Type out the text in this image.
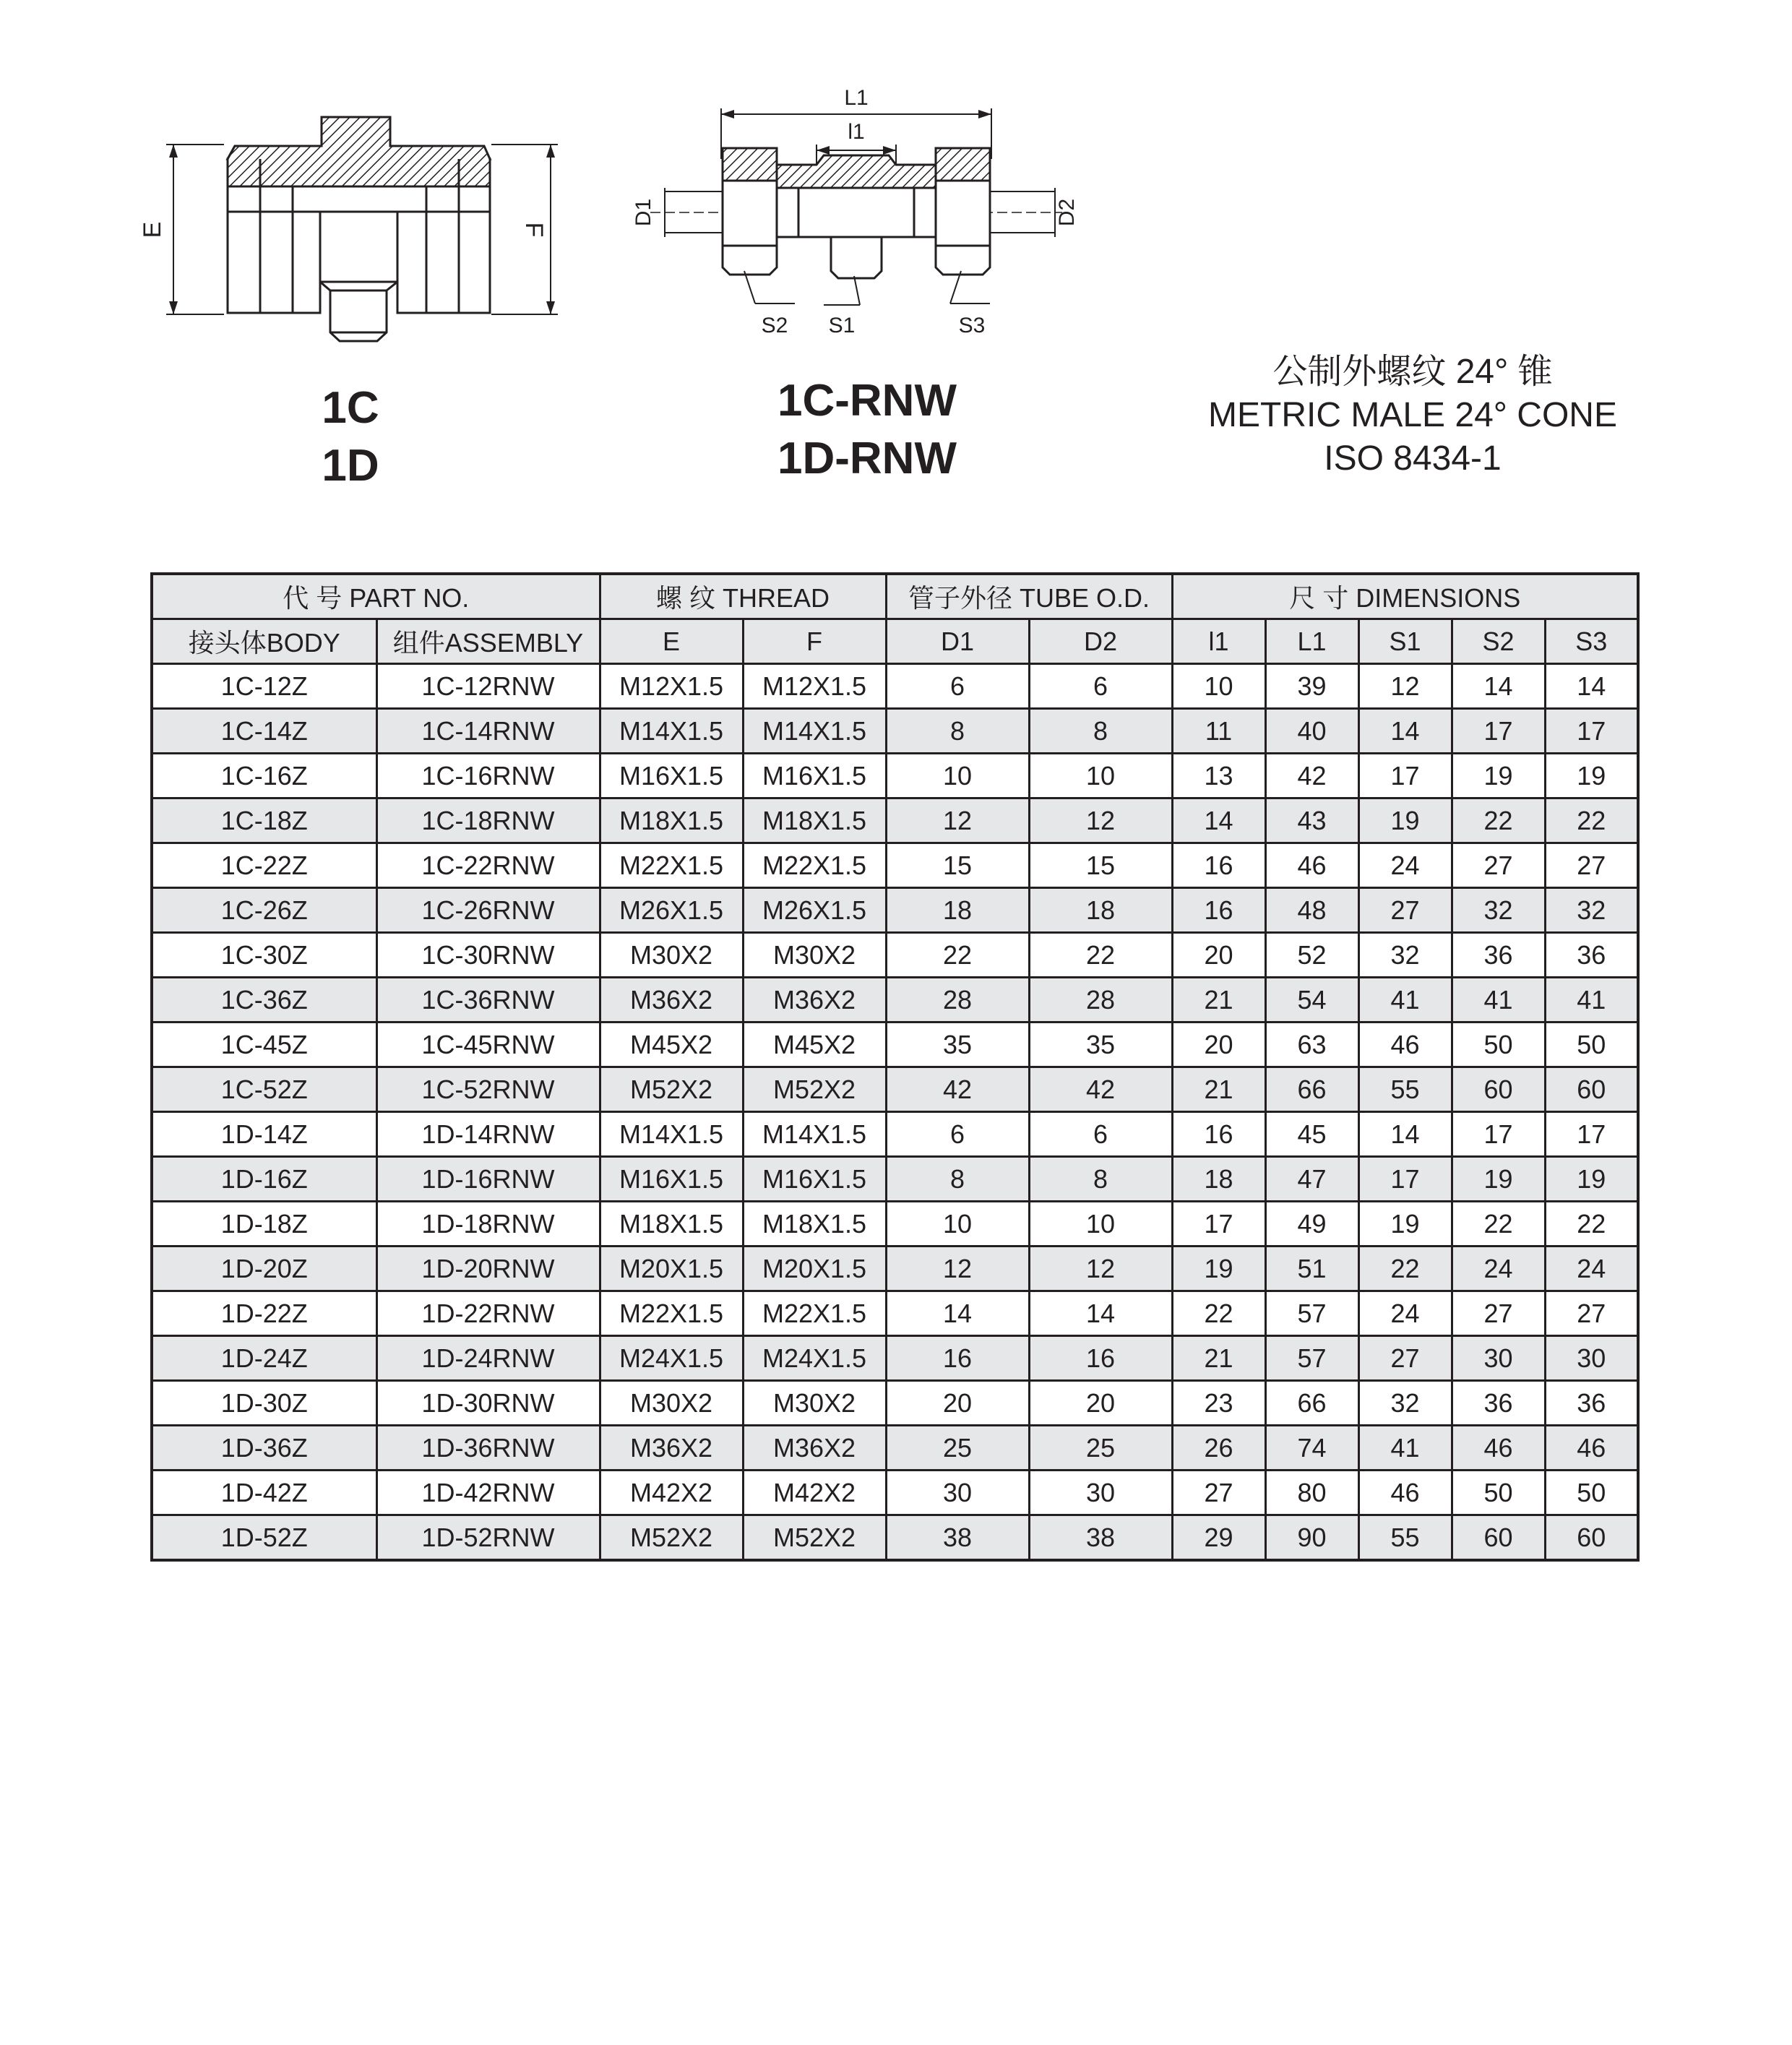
E	F
L1
l1
D1	D2
S2 S1	S3
1C
1D
1C-RNW
1D-RNW
公制外螺纹 24° 锥
METRIC MALE 24° CONE
ISO 8434-1
代 号 PART NO.		螺 纹 THREAD		管子外径 TUBE O.D.		尺 寸 DIMENSIONS				
接头体BODY	组件ASSEMBLY	E	F	D1	D2	l1	L1	S1	S2	S3
1C-12Z	1C-12RNW	M12X1.5	M12X1.5	6	6	10	39	12	14	14
1C-14Z	1C-14RNW	M14X1.5	M14X1.5	8	8	11	40	14	17	17
1C-16Z	1C-16RNW	M16X1.5	M16X1.5	10	10	13	42	17	19	19
1C-18Z	1C-18RNW	M18X1.5	M18X1.5	12	12	14	43	19	22	22
1C-22Z	1C-22RNW	M22X1.5	M22X1.5	15	15	16	46	24	27	27
1C-26Z	1C-26RNW	M26X1.5	M26X1.5	18	18	16	48	27	32	32
1C-30Z	1C-30RNW	M30X2	M30X2	22	22	20	52	32	36	36
1C-36Z	1C-36RNW	M36X2	M36X2	28	28	21	54	41	41	41
1C-45Z	1C-45RNW	M45X2	M45X2	35	35	20	63	46	50	50
1C-52Z	1C-52RNW	M52X2	M52X2	42	42	21	66	55	60	60
1D-14Z	1D-14RNW	M14X1.5	M14X1.5	6	6	16	45	14	17	17
1D-16Z	1D-16RNW	M16X1.5	M16X1.5	8	8	18	47	17	19	19
1D-18Z	1D-18RNW	M18X1.5	M18X1.5	10	10	17	49	19	22	22
1D-20Z	1D-20RNW	M20X1.5	M20X1.5	12	12	19	51	22	24	24
1D-22Z	1D-22RNW	M22X1.5	M22X1.5	14	14	22	57	24	27	27
1D-24Z	1D-24RNW	M24X1.5	M24X1.5	16	16	21	57	27	30	30
1D-30Z	1D-30RNW	M30X2	M30X2	20	20	23	66	32	36	36
1D-36Z	1D-36RNW	M36X2	M36X2	25	25	26	74	41	46	46
1D-42Z	1D-42RNW	M42X2	M42X2	30	30	27	80	46	50	50
1D-52Z	1D-52RNW	M52X2	M52X2	38	38	29	90	55	60	60
